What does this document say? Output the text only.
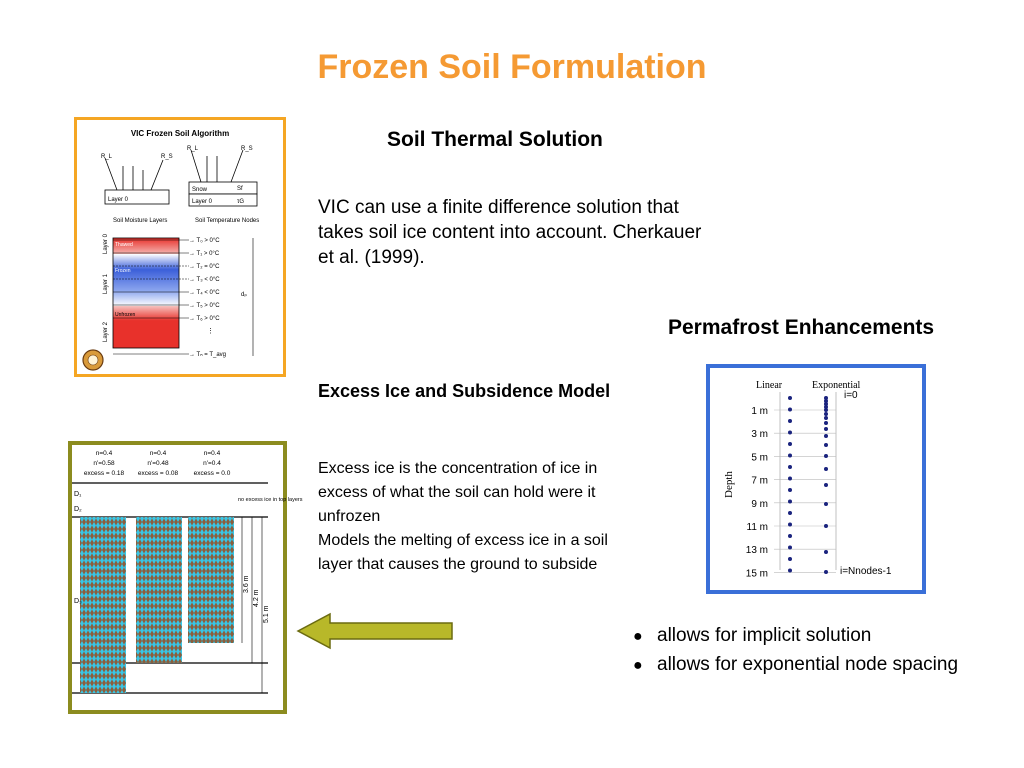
Frozen Soil Formulation
VIC Frozen Soil Algorithm
Layer 0
R_L	R_S
Snow	Sf
Layer 0	τG
R_L	R_S
Soil Moisture Layers	Soil Temperature Nodes
Thawed
Frozen
Unfrozen
Layer 0
Layer 1
Layer 2
→ T₀ > 0°C
→ T₁ > 0°C
→ T₂ = 0°C
→ T₃ < 0°C
→ T₄ < 0°C
→ T₅ > 0°C
→ T₆ > 0°C
⋮
→ Tₙ = T_avg
dₚ
Soil Thermal Solution
VIC can use a finite difference solution that takes soil ice content into account. Cherkauer et al. (1999).
Permafrost Enhancements
Excess Ice and Subsidence Model
Excess ice is the concentration of ice in excess of what the soil can hold were it unfrozen
Models the melting of excess ice in a soil layer that causes the ground to subside
Linear	Exponential
i=0
i=Nnodes-1
Depth
1 m
3 m
5 m
7 m
9 m
11 m
13 m
15 m
n=0.4
n'=0.58
excess = 0.18
n=0.4
n'=0.48
excess = 0.08
n=0.4
n'=0.4
excess = 0.0
D₁
D₂
D₃
no excess ice in top layers
3.6 m
4.2 m
5.1 m
● allows for implicit solution
● allows for exponential node spacing
